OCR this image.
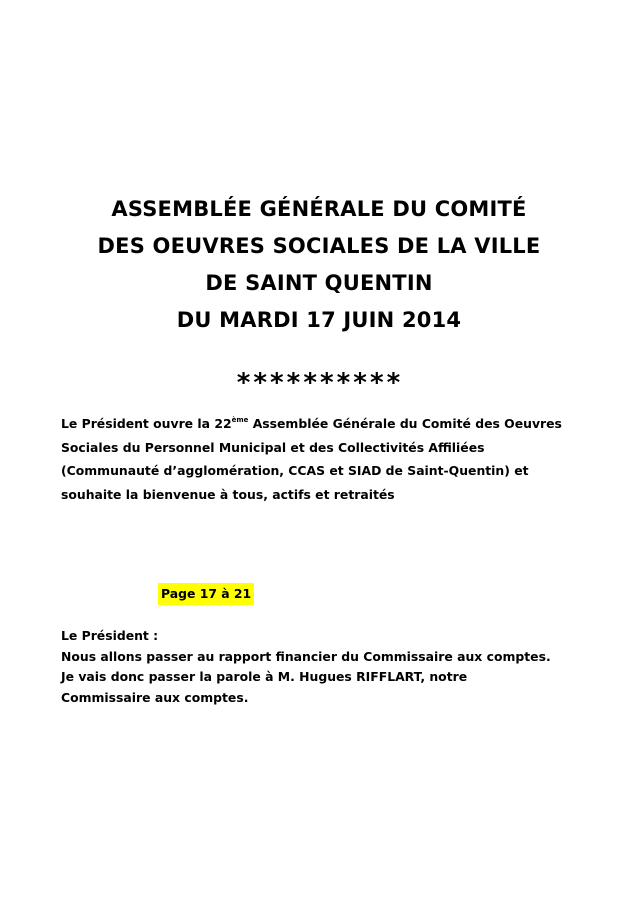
ASSEMBLÉE GÉNÉRALE DU COMITÉ
DES OEUVRES SOCIALES DE LA VILLE
DE SAINT QUENTIN
DU MARDI 17 JUIN 2014
**********
Le Président ouvre la 22ème Assemblée Générale du Comité des Oeuvres
Sociales du Personnel Municipal et des Collectivités Affiliées
(Communauté d’agglomération, CCAS et SIAD de Saint-Quentin) et
souhaite la bienvenue à tous, actifs et retraités
Page 17 à 21
Le Président :
Nous allons passer au rapport financier du Commissaire aux comptes.
Je vais donc passer la parole à M. Hugues RIFFLART, notre
Commissaire aux comptes.
